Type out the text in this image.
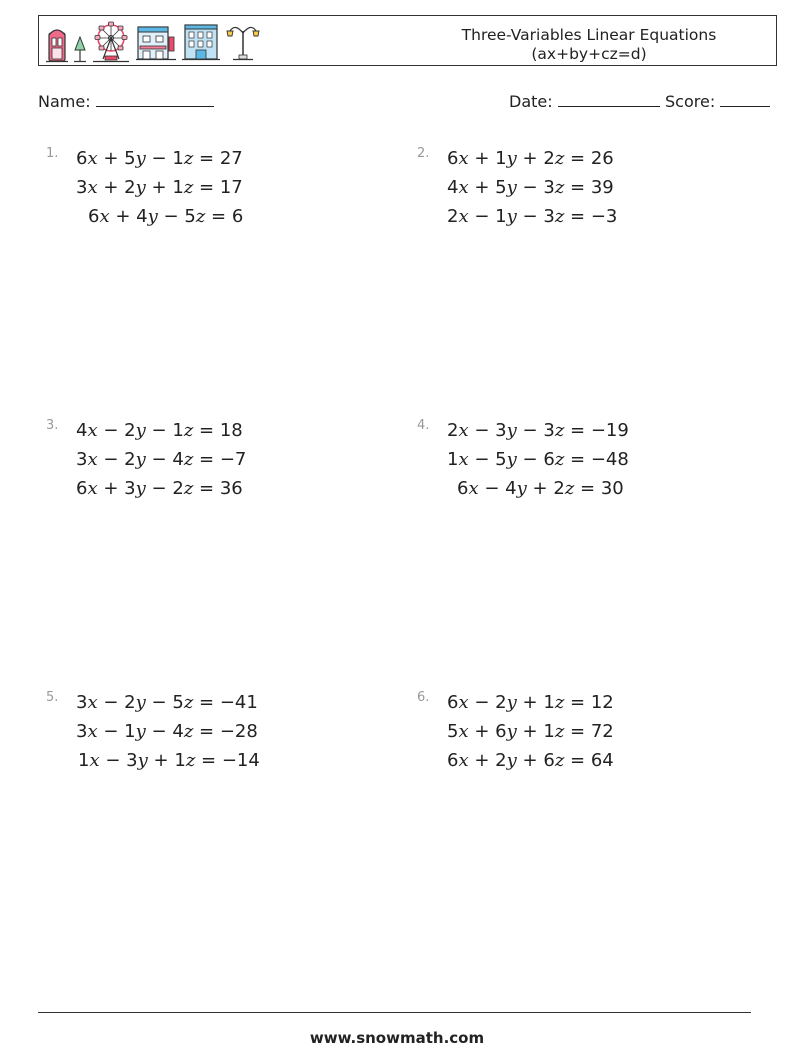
Three-Variables Linear Equations
(ax+by+cz=d)
Name:	Date:	Score:
1. 6x + 5y − 1z = 27
3x + 2y + 1z = 17
6x + 4y − 5z = 6
2. 6x + 1y + 2z = 26
4x + 5y − 3z = 39
2x − 1y − 3z = −3
3. 4x − 2y − 1z = 18
3x − 2y − 4z = −7
6x + 3y − 2z = 36
4. 2x − 3y − 3z = −19
1x − 5y − 6z = −48
6x − 4y + 2z = 30
5. 3x − 2y − 5z = −41
3x − 1y − 4z = −28
1x − 3y + 1z = −14
6. 6x − 2y + 1z = 12
5x + 6y + 1z = 72
6x + 2y + 6z = 64
www.snowmath.com
